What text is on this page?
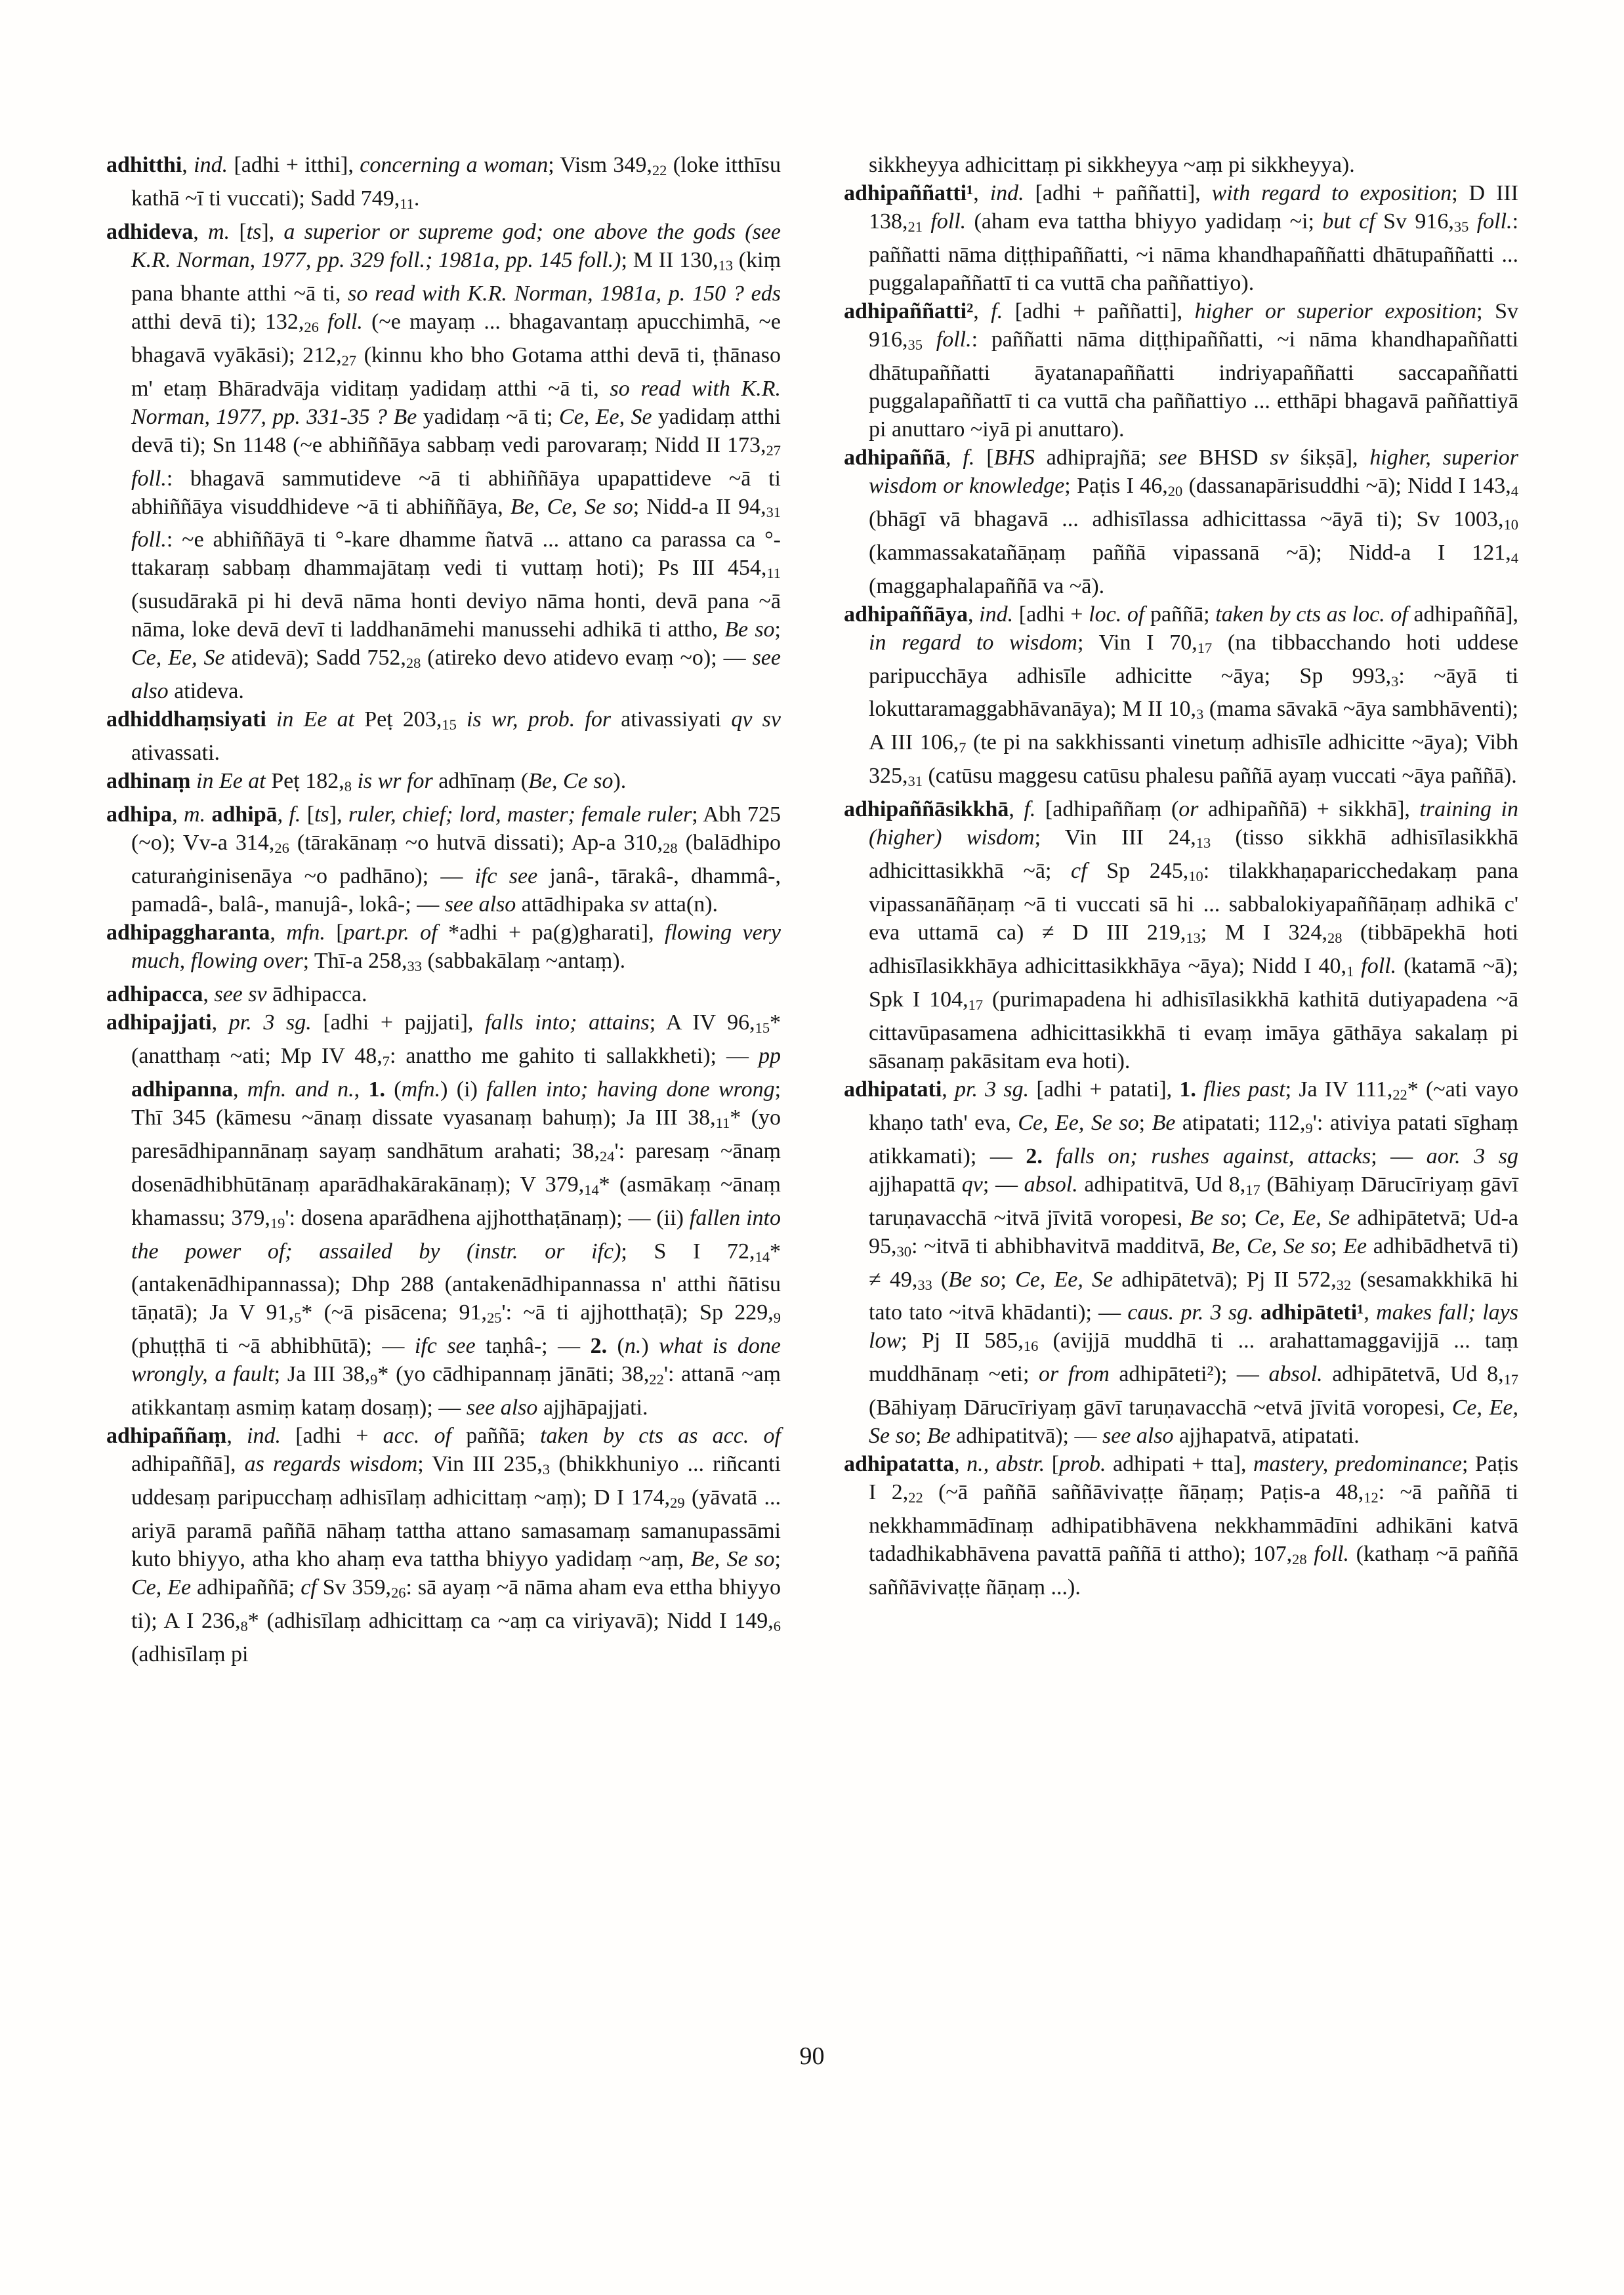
adhitthi, ind. [adhi + itthi], concerning a woman; Vism 349,22 (loke itthīsu kathā ~ī ti vuccati); Sadd 749,11.

adhideva, m. [ts], a superior or supreme god; one above the gods (see K.R. Norman, 1977, pp. 329 foll.; 1981a, pp. 145 foll.); M II 130,13 (kiṃ pana bhante atthi ~ā ti, so read with K.R. Norman, 1981a, p. 150 ? eds atthi devā ti); 132,26 foll. (~e mayaṃ ... bhagavantaṃ apucchimhā, ~e bhagavā vyākāsi); 212,27 (kinnu kho bho Gotama atthi devā ti, ṭhānaso m' etaṃ Bhāradvāja viditaṃ yadidaṃ atthi ~ā ti, so read with K.R. Norman, 1977, pp. 331-35 ? Be yadidaṃ ~ā ti; Ce, Ee, Se yadidaṃ atthi devā ti); Sn 1148 (~e abhiññāya sabbaṃ vedi parovaraṃ; Nidd II 173,27 foll.: bhagavā sammutideve ~ā ti abhiññāya upapattideve ~ā ti abhiññāya visuddhideve ~ā ti abhiññāya, Be, Ce, Se so; Nidd-a II 94,31 foll.: ~e abhiññāyā ti °-kare dhamme ñatvā ... attano ca parassa ca °-ttakaraṃ sabbaṃ dhammajātaṃ vedi ti vuttaṃ hoti); Ps III 454,11 (susudārakā pi hi devā nāma honti deviyo nāma honti, devā pana ~ā nāma, loke devā devī ti laddhanāmehi manussehi adhikā ti attho, Be so; Ce, Ee, Se atidevā); Sadd 752,28 (atireko devo atidevo evaṃ ~o); — see also atideva.

adhiddhaṃsiyati in Ee at Peṭ 203,15 is wr, prob. for ativassiyati qv sv ativassati.

adhinaṃ in Ee at Peṭ 182,8 is wr for adhīnaṃ (Be, Ce so).

adhipa, m. adhipā, f. [ts], ruler, chief; lord, master; female ruler; Abh 725 (~o); Vv-a 314,26 (tārakānaṃ ~o hutvā dissati); Ap-a 310,28 (balādhipo caturaṅginisenāya ~o padhāno); — ifc see janâ-, tārakâ-, dhammâ-, pamadâ-, balâ-, manujâ-, lokâ-; — see also attādhipaka sv atta(n).

adhipaggharanta, mfn. [part.pr. of *adhi + pa(g)gharati], flowing very much, flowing over; Thī-a 258,33 (sabbakālaṃ ~antaṃ).

adhipacca, see sv ādhipacca.

adhipajjati, pr. 3 sg. [adhi + pajjati], falls into; attains; A IV 96,15* (anatthaṃ ~ati; Mp IV 48,7: anattho me gahito ti sallakkheti); — pp adhipanna, mfn. and n., 1. (mfn.) (i) fallen into; having done wrong; Thī 345 (kāmesu ~ānaṃ dissate vyasanaṃ bahuṃ); Ja III 38,11* (yo paresādhipannānaṃ sayaṃ sandhātum arahati; 38,24': paresaṃ ~ānaṃ dosenādhibhūtānaṃ aparādhakārakānaṃ); V 379,14* (asmākaṃ ~ānaṃ khamassu; 379,19': dosena aparādhena ajjhotthaṭānaṃ); — (ii) fallen into the power of; assailed by (instr. or ifc); S I 72,14* (antakenādhipannassa); Dhp 288 (antakenādhipannassa n' atthi ñātisu tāṇatā); Ja V 91,5* (~ā pisācena; 91,25': ~ā ti ajjhotthaṭā); Sp 229,9 (phuṭṭhā ti ~ā abhibhūtā); — ifc see taṇhâ-; — 2. (n.) what is done wrongly, a fault; Ja III 38,9* (yo cādhipannaṃ jānāti; 38,22': attanā ~aṃ atikkantaṃ asmiṃ kataṃ dosaṃ); — see also ajjhāpajjati.

adhipaññaṃ, ind. [adhi + acc. of paññā; taken by cts as acc. of adhipaññā], as regards wisdom; Vin III 235,3 (bhikkhuniyo ... riñcanti uddesaṃ paripucchaṃ adhisīlaṃ adhicittaṃ ~aṃ); D I 174,29 (yāvatā ... ariyā paramā paññā nāhaṃ tattha attano samasamaṃ samanupassāmi kuto bhiyyo, atha kho ahaṃ eva tattha bhiyyo yadidaṃ ~aṃ, Be, Se so; Ce, Ee adhipaññā; cf Sv 359,26: sā ayaṃ ~ā nāma aham eva ettha bhiyyo ti); A I 236,8* (adhisīlaṃ adhicittaṃ ca ~aṃ ca viriyavā); Nidd I 149,6 (adhisīlaṃ pi

sikkheyya adhicittaṃ pi sikkheyya ~aṃ pi sikkheyya).

adhipaññatti¹, ind. [adhi + paññatti], with regard to exposition; D III 138,21 foll. (aham eva tattha bhiyyo yadidaṃ ~i; but cf Sv 916,35 foll.: paññatti nāma diṭṭhipaññatti, ~i nāma khandhapaññatti dhātupaññatti ... puggalapaññattī ti ca vuttā cha paññattiyo).

adhipaññatti², f. [adhi + paññatti], higher or superior exposition; Sv 916,35 foll.: paññatti nāma diṭṭhipaññatti, ~i nāma khandhapaññatti dhātupaññatti āyatanapaññatti indriyapaññatti saccapaññatti puggalapaññattī ti ca vuttā cha paññattiyo ... etthāpi bhagavā paññattiyā pi anuttaro ~iyā pi anuttaro).

adhipaññā, f. [BHS adhiprajñā; see BHSD sv śikṣā], higher, superior wisdom or knowledge; Paṭis I 46,20 (dassanapārisuddhi ~ā); Nidd I 143,4 (bhāgī vā bhagavā ... adhisīlassa adhicittassa ~āyā ti); Sv 1003,10 (kammassakatañāṇaṃ paññā vipassanā ~ā); Nidd-a I 121,4 (maggaphalapaññā va ~ā).

adhipaññāya, ind. [adhi + loc. of paññā; taken by cts as loc. of adhipaññā], in regard to wisdom; Vin I 70,17 (na tibbacchando hoti uddese paripucchāya adhisīle adhicitte ~āya; Sp 993,3: ~āyā ti lokuttaramaggabhāvanāya); M II 10,3 (mama sāvakā ~āya sambhāventi); A III 106,7 (te pi na sakkhissanti vinetuṃ adhisīle adhicitte ~āya); Vibh 325,31 (catūsu maggesu catūsu phalesu paññā ayaṃ vuccati ~āya paññā).

adhipaññāsikkhā, f. [adhipaññaṃ (or adhipaññā) + sikkhā], training in (higher) wisdom; Vin III 24,13 (tisso sikkhā adhisīlasikkhā adhicittasikkhā ~ā; cf Sp 245,10: tilakkhaṇaparicchedakaṃ pana vipassanāñāṇaṃ ~ā ti vuccati sā hi ... sabbalokiyapaññāṇaṃ adhikā c' eva uttamā ca) ≠ D III 219,13; M I 324,28 (tibbāpekhā hoti adhisīlasikkhāya adhicittasikkhāya ~āya); Nidd I 40,1 foll. (katamā ~ā); Spk I 104,17 (purimapadena hi adhisīlasikkhā kathitā dutiyapadena ~ā cittavūpasamena adhicittasikkhā ti evaṃ imāya gāthāya sakalaṃ pi sāsanaṃ pakāsitam eva hoti).

adhipatati, pr. 3 sg. [adhi + patati], 1. flies past; Ja IV 111,22* (~ati vayo khaṇo tath' eva, Ce, Ee, Se so; Be atipatati; 112,9': ativiya patati sīghaṃ atikkamati); — 2. falls on; rushes against, attacks; — aor. 3 sg ajjhapattā qv; — absol. adhipatitvā, Ud 8,17 (Bāhiyaṃ Dārucīriyaṃ gāvī taruṇavacchā ~itvā jīvitā voropesi, Be so; Ce, Ee, Se adhipātetvā; Ud-a 95,30: ~itvā ti abhibhavitvā madditvā, Be, Ce, Se so; Ee adhibādhetvā ti) ≠ 49,33 (Be so; Ce, Ee, Se adhipātetvā); Pj II 572,32 (sesamakkhikā hi tato tato ~itvā khādanti); — caus. pr. 3 sg. adhipāteti¹, makes fall; lays low; Pj II 585,16 (avijjā muddhā ti ... arahattamaggavijjā ... taṃ muddhānaṃ ~eti; or from adhipāteti²); — absol. adhipātetvā, Ud 8,17 (Bāhiyaṃ Dārucīriyaṃ gāvī taruṇavacchā ~etvā jīvitā voropesi, Ce, Ee, Se so; Be adhipatitvā); — see also ajjhapatvā, atipatati.

adhipatatta, n., abstr. [prob. adhipati + tta], mastery, predominance; Paṭis I 2,22 (~ā paññā saññāvivaṭṭe ñāṇaṃ; Paṭis-a 48,12: ~ā paññā ti nekkhammādīnaṃ adhipatibhāvena nekkhammādīni adhikāni katvā tadadhikabhāvena pavattā paññā ti attho); 107,28 foll. (kathaṃ ~ā paññā saññāvivaṭṭe ñāṇaṃ ...).

90
